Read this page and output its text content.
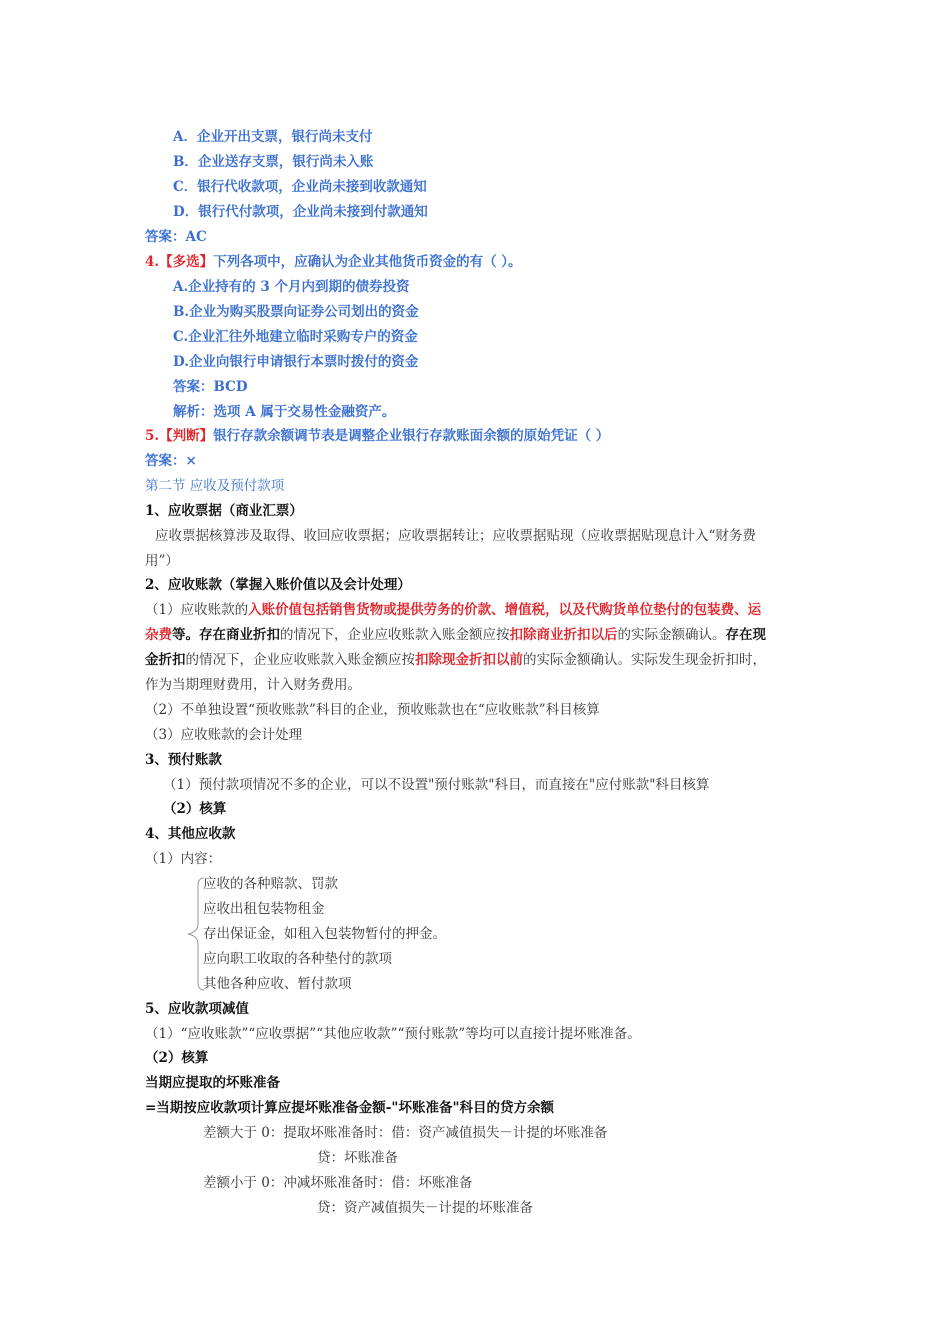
A．企业开出支票，银行尚未支付
B．企业送存支票，银行尚未入账
C．银行代收款项，企业尚未接到收款通知
D．银行代付款项，企业尚未接到付款通知
答案：AC
4.【多选】下列各项中，应确认为企业其他货币资金的有（ ）。
A.企业持有的 3 个月内到期的债券投资
B.企业为购买股票向证券公司划出的资金
C.企业汇往外地建立临时采购专户的资金
D.企业向银行申请银行本票时拨付的资金
答案：BCD
解析：选项 A 属于交易性金融资产。
5.【判断】银行存款余额调节表是调整企业银行存款账面余额的原始凭证（ ）
答案：×
第二节 应收及预付款项
1、应收票据（商业汇票）
应收票据核算涉及取得、收回应收票据；应收票据转让；应收票据贴现（应收票据贴现息计入“财务费
用”）
2、应收账款（掌握入账价值以及会计处理）
（1）应收账款的入账价值包括销售货物或提供劳务的价款、增值税，以及代购货单位垫付的包装费、运
杂费等。存在商业折扣的情况下，企业应收账款入账金额应按扣除商业折扣以后的实际金额确认。存在现
金折扣的情况下，企业应收账款入账金额应按扣除现金折扣以前的实际金额确认。实际发生现金折扣时，
作为当期理财费用，计入财务费用。
（2）不单独设置“预收账款”科目的企业，预收账款也在“应收账款”科目核算
（3）应收账款的会计处理
3、预付账款
（1）预付款项情况不多的企业，可以不设置"预付账款"科目，而直接在"应付账款"科目核算
（2）核算
4、其他应收款
（1）内容：
应收的各种赔款、罚款
应收出租包装物租金
存出保证金，如租入包装物暂付的押金。
应向职工收取的各种垫付的款项
其他各种应收、暂付款项
5、应收款项减值
（1）“应收账款”“应收票据”“其他应收款”“预付账款”等均可以直接计提坏账准备。
（2）核算
当期应提取的坏账准备
=当期按应收款项计算应提坏账准备金额-"坏账准备"科目的贷方余额
差额大于 0：提取坏账准备时：借：资产减值损失－计提的坏账准备
贷：坏账准备
差额小于 0：冲减坏账准备时：借：坏账准备
贷：资产减值损失－计提的坏账准备
